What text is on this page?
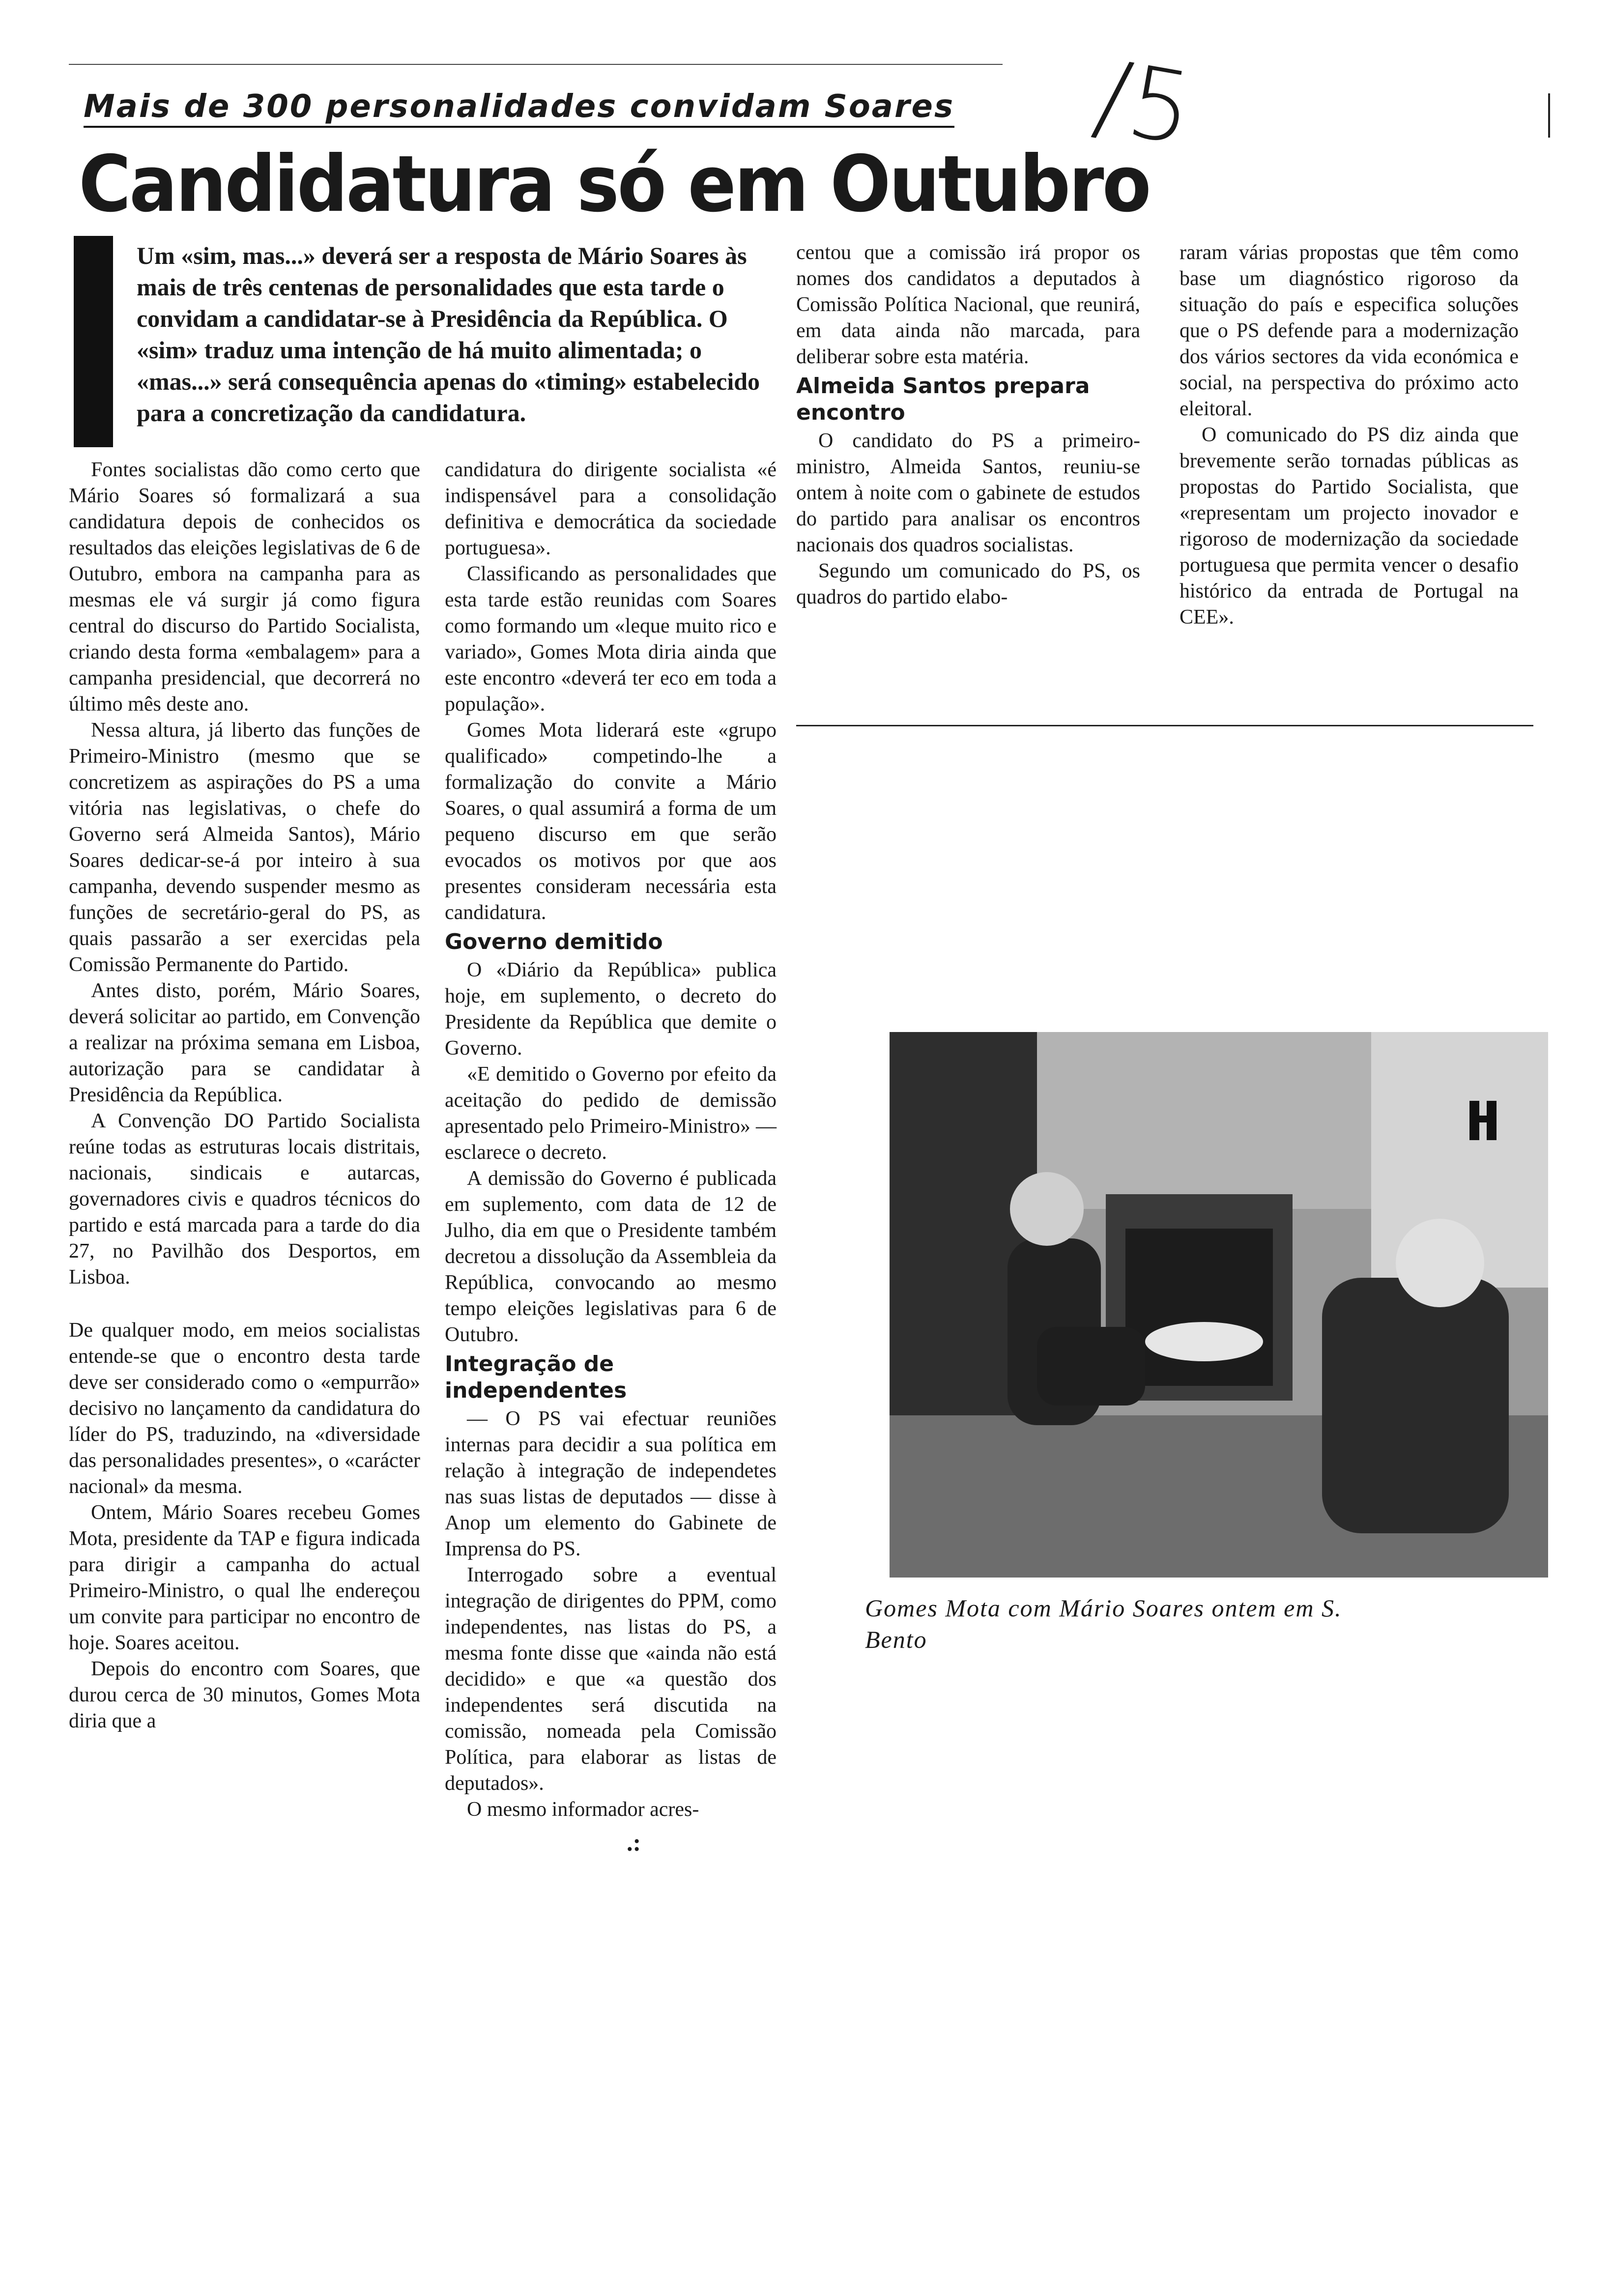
Mais de 300 personalidades convidam Soares
Candidatura só em Outubro
/5

Um «sim, mas...» deverá ser a resposta de Mário Soares às mais de três centenas de personalidades que esta tarde o convidam a candidatar-se à Presidência da República. O «sim» traduz uma intenção de há muito alimentada; o «mas...» será consequência apenas do «timing» estabelecido para a concretização da candidatura.

Fontes socialistas dão como certo que Mário Soares só formalizará a sua candidatura depois de conhecidos os resultados das eleições legislativas de 6 de Outubro, embora na campanha para as mesmas ele vá surgir já como figura central do discurso do Partido Socialista, criando desta forma «embalagem» para a campanha presidencial, que decorrerá no último mês deste ano.

Nessa altura, já liberto das funções de Primeiro-Ministro (mesmo que se concretizem as aspirações do PS a uma vitória nas legislativas, o chefe do Governo será Almeida Santos), Mário Soares dedicar-se-á por inteiro à sua campanha, devendo suspender mesmo as funções de secretário-geral do PS, as quais passarão a ser exercidas pela Comissão Permanente do Partido.

Antes disto, porém, Mário Soares, deverá solicitar ao partido, em Convenção a realizar na próxima semana em Lisboa, autorização para se candidatar à Presidência da República.

A Convenção DO Partido Socialista reúne todas as estruturas locais distritais, nacionais, sindicais e autarcas, governadores civis e quadros técnicos do partido e está marcada para a tarde do dia 27, no Pavilhão dos Desportos, em Lisboa.

De qualquer modo, em meios socialistas entende-se que o encontro desta tarde deve ser considerado como o «empurrão» decisivo no lançamento da candidatura do líder do PS, traduzindo, na «diversidade das personalidades presentes», o «carácter nacional» da mesma.

Ontem, Mário Soares recebeu Gomes Mota, presidente da TAP e figura indicada para dirigir a campanha do actual Primeiro-Ministro, o qual lhe endereçou um convite para participar no encontro de hoje. Soares aceitou.

Depois do encontro com Soares, que durou cerca de 30 minutos, Gomes Mota diria que a

candidatura do dirigente socialista «é indispensável para a consolidação definitiva e democrática da sociedade portuguesa».

Classificando as personalidades que esta tarde estão reunidas com Soares como formando um «leque muito rico e variado», Gomes Mota diria ainda que este encontro «deverá ter eco em toda a população».

Gomes Mota liderará este «grupo qualificado» competindo-lhe a formalização do convite a Mário Soares, o qual assumirá a forma de um pequeno discurso em que serão evocados os motivos por que aos presentes consideram necessária esta candidatura.

Governo demitido

O «Diário da República» publica hoje, em suplemento, o decreto do Presidente da República que demite o Governo.

«E demitido o Governo por efeito da aceitação do pedido de demissão apresentado pelo Primeiro-Ministro» — esclarece o decreto.

A demissão do Governo é publicada em suplemento, com data de 12 de Julho, dia em que o Presidente também decretou a dissolução da Assembleia da República, convocando ao mesmo tempo eleições legislativas para 6 de Outubro.

Integração de independentes

— O PS vai efectuar reuniões internas para decidir a sua política em relação à integração de independetes nas suas listas de deputados — disse à Anop um elemento do Gabinete de Imprensa do PS.

Interrogado sobre a eventual integração de dirigentes do PPM, como independentes, nas listas do PS, a mesma fonte disse que «ainda não está decidido» e que «a questão dos independentes será discutida na comissão, nomeada pela Comissão Política, para elaborar as listas de deputados».

O mesmo informador acres-

centou que a comissão irá propor os nomes dos candidatos a deputados à Comissão Política Nacional, que reunirá, em data ainda não marcada, para deliberar sobre esta matéria.

Almeida Santos prepara encontro

O candidato do PS a primeiro-ministro, Almeida Santos, reuniu-se ontem à noite com o gabinete de estudos do partido para analisar os encontros nacionais dos quadros socialistas.

Segundo um comunicado do PS, os quadros do partido elabo-

raram várias propostas que têm como base um diagnóstico rigoroso da situação do país e especifica soluções que o PS defende para a modernização dos vários sectores da vida económica e social, na perspectiva do próximo acto eleitoral.

O comunicado do PS diz ainda que brevemente serão tornadas públicas as propostas do Partido Socialista, que «representam um projecto inovador e rigoroso de modernização da sociedade portuguesa que permita vencer o desafio histórico da entrada de Portugal na CEE».

Gomes Mota com Mário Soares ontem em S. Bento
.:
